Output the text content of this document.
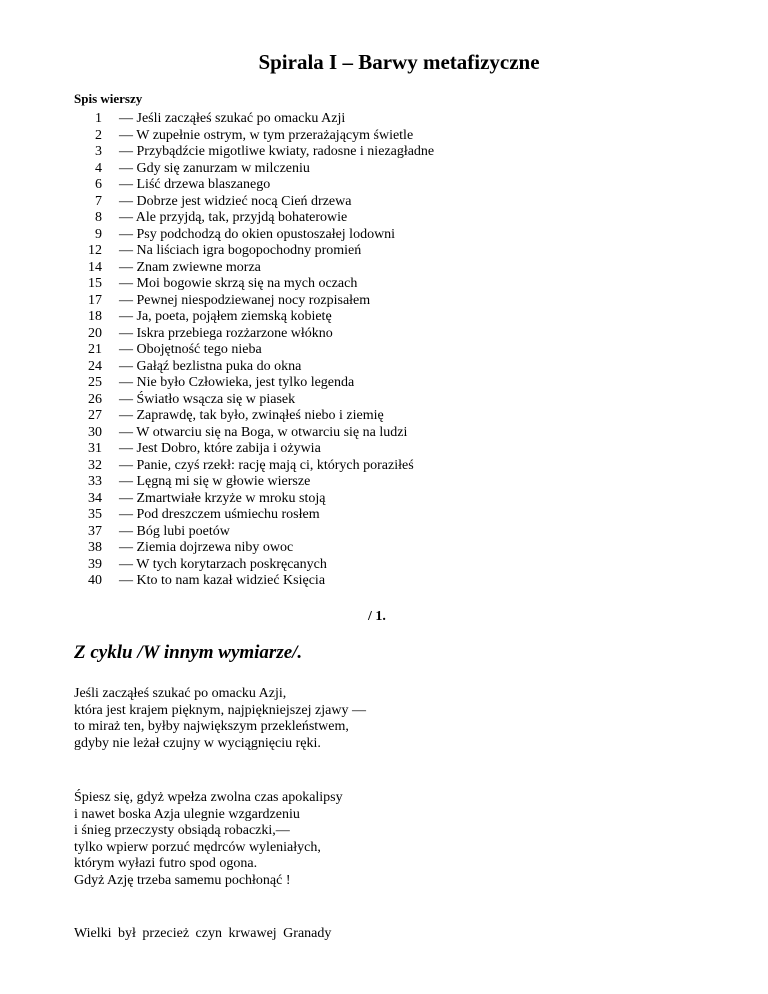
Spirala I – Barwy metafizyczne
Spis wierszy
1 — Jeśli zacząłeś szukać po omacku Azji
2 — W zupełnie ostrym, w tym przerażającym świetle
3 — Przybądźcie migotliwe kwiaty, radosne i niezagładne
4 — Gdy się zanurzam w milczeniu
6 — Liść drzewa blaszanego
7 — Dobrze jest widzieć nocą Cień drzewa
8 — Ale przyjdą, tak, przyjdą bohaterowie
9 — Psy podchodzą do okien opustoszałej lodowni
12 — Na liściach igra bogopochodny promień
14 — Znam zwiewne morza
15 — Moi bogowie skrzą się na mych oczach
17 — Pewnej niespodziewanej nocy rozpisałem
18 — Ja, poeta, pojąłem ziemską kobietę
20 — Iskra przebiega rozżarzone włókno
21 — Obojętność tego nieba
24 — Gałąź bezlistna puka do okna
25 — Nie było Człowieka, jest tylko legenda
26 — Światło wsącza się w piasek
27 — Zaprawdę, tak było, zwinąłeś niebo i ziemię
30 — W otwarciu się na Boga, w otwarciu się na ludzi
31 — Jest Dobro, które zabija i ożywia
32 — Panie, czyś rzekł: rację mają ci, których poraziłeś
33 — Lęgną mi się w głowie wiersze
34 — Zmartwiałe krzyże w mroku stoją
35 — Pod dreszczem uśmiechu rosłem
37 — Bóg lubi poetów
38 — Ziemia dojrzewa niby owoc
39 — W tych korytarzach poskręcanych
40 — Kto to nam kazał widzieć Księcia
/ 1.
Z cyklu /W innym wymiarze/.
Jeśli zacząłeś szukać po omacku Azji,
która jest krajem pięknym, najpiękniejszej zjawy —
to miraż ten, byłby największym przekleństwem,
gdyby nie leżał czujny w wyciągnięciu ręki.
Śpiesz się, gdyż wpełza zwolna czas apokalipsy
i nawet boska Azja ulegnie wzgardzeniu
i śnieg przeczysty obsiądą robaczki,—
tylko wpierw porzuć mędrców wyleniałych,
którym wyłazi futro spod ogona.
Gdyż Azję trzeba samemu pochłonąć !
Wielki był przecież czyn krwawej Granady
